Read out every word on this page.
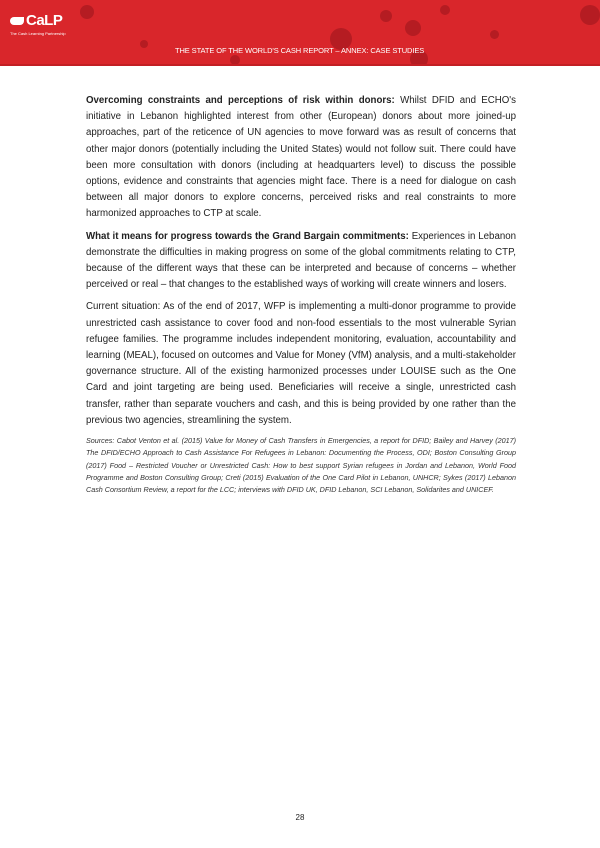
CaLP
The Cash Learning Partnership
THE STATE OF THE WORLD'S CASH REPORT – ANNEX: CASE STUDIES

Overcoming constraints and perceptions of risk within donors: Whilst DFID and ECHO's initiative in Lebanon highlighted interest from other (European) donors about more joined-up approaches, part of the reticence of UN agencies to move forward was as result of concerns that other major donors (potentially including the United States) would not follow suit. There could have been more consultation with donors (including at headquarters level) to discuss the possible options, evidence and constraints that agencies might face. There is a need for dialogue on cash between all major donors to explore concerns, perceived risks and real constraints to more harmonized approaches to CTP at scale.

What it means for progress towards the Grand Bargain commitments: Experiences in Lebanon demonstrate the difficulties in making progress on some of the global commitments relating to CTP, because of the different ways that these can be interpreted and because of concerns – whether perceived or real – that changes to the established ways of working will create winners and losers.

Current situation: As of the end of 2017, WFP is implementing a multi-donor programme to provide unrestricted cash assistance to cover food and non-food essentials to the most vulnerable Syrian refugee families. The programme includes independent monitoring, evaluation, accountability and learning (MEAL), focused on outcomes and Value for Money (VfM) analysis, and a multi-stakeholder governance structure. All of the existing harmonized processes under LOUISE such as the One Card and joint targeting are being used. Beneficiaries will receive a single, unrestricted cash transfer, rather than separate vouchers and cash, and this is being provided by one rather than the previous two agencies, streamlining the system.

Sources: Cabot Venton et al. (2015) Value for Money of Cash Transfers in Emergencies, a report for DFID; Bailey and Harvey (2017) The DFID/ECHO Approach to Cash Assistance For Refugees in Lebanon: Documenting the Process, ODI; Boston Consulting Group (2017) Food – Restricted Voucher or Unrestricted Cash: How to best support Syrian refugees in Jordan and Lebanon, World Food Programme and Boston Consulting Group; Creti (2015) Evaluation of the One Card Pilot in Lebanon, UNHCR; Sykes (2017) Lebanon Cash Consortium Review, a report for the LCC; interviews with DFID UK, DFID Lebanon, SCI Lebanon, Solidarites and UNICEF.

28
